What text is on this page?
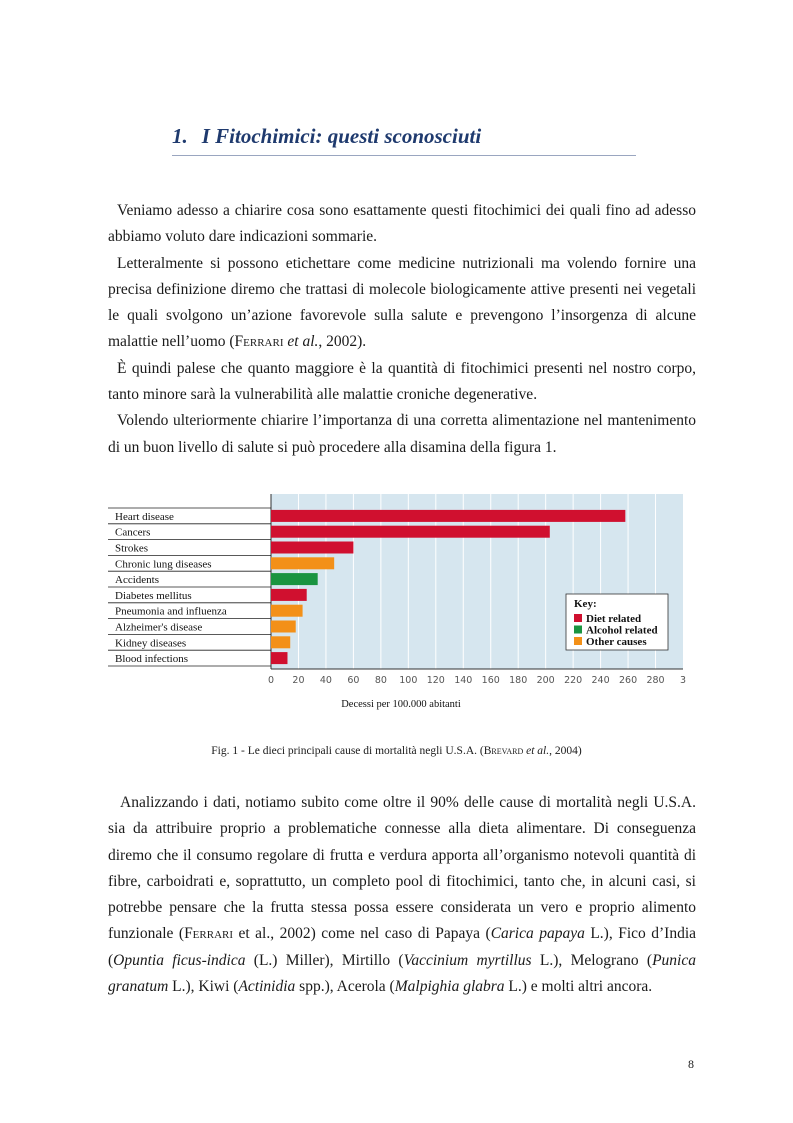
1. I Fitochimici: questi sconosciuti

Veniamo adesso a chiarire cosa sono esattamente questi fitochimici dei quali fino ad adesso abbiamo voluto dare indicazioni sommarie.

Letteralmente si possono etichettare come medicine nutrizionali ma volendo fornire una precisa definizione diremo che trattasi di molecole biologicamente attive presenti nei vegetali le quali svolgono un’azione favorevole sulla salute e prevengono l’insorgenza di alcune malattie nell’uomo (Ferrari et al., 2002).

È quindi palese che quanto maggiore è la quantità di fitochimici presenti nel nostro corpo, tanto minore sarà la vulnerabilità alle malattie croniche degenerative.

Volendo ulteriormente chiarire l’importanza di una corretta alimentazione nel mantenimento di un buon livello di salute si può procedere alla disamina della figura 1.

Heart disease
Cancers
Strokes
Chronic lung diseases
Accidents
Diabetes mellitus
Pneumonia and influenza
Alzheimer's disease
Kidney diseases
Blood infections
0 20 40 60 80 100 120 140 160 180 200 220 240 260 280 3
Decessi per 100.000 abitanti
Key:
Diet related
Alcohol related
Other causes
Fig. 1 - Le dieci principali cause di mortalità negli U.S.A. (Brevard et al., 2004)

Analizzando i dati, notiamo subito come oltre il 90% delle cause di mortalità negli U.S.A. sia da attribuire proprio a problematiche connesse alla dieta alimentare. Di conseguenza diremo che il consumo regolare di frutta e verdura apporta all’organismo notevoli quantità di fibre, carboidrati e, soprattutto, un completo pool di fitochimici, tanto che, in alcuni casi, si potrebbe pensare che la frutta stessa possa essere considerata un vero e proprio alimento funzionale (Ferrari et al., 2002) come nel caso di Papaya (Carica papaya L.), Fico d’India (Opuntia ficus-indica (L.) Miller), Mirtillo (Vaccinium myrtillus L.), Melograno (Punica granatum L.), Kiwi (Actinidia spp.), Acerola (Malpighia glabra L.) e molti altri ancora.

8
